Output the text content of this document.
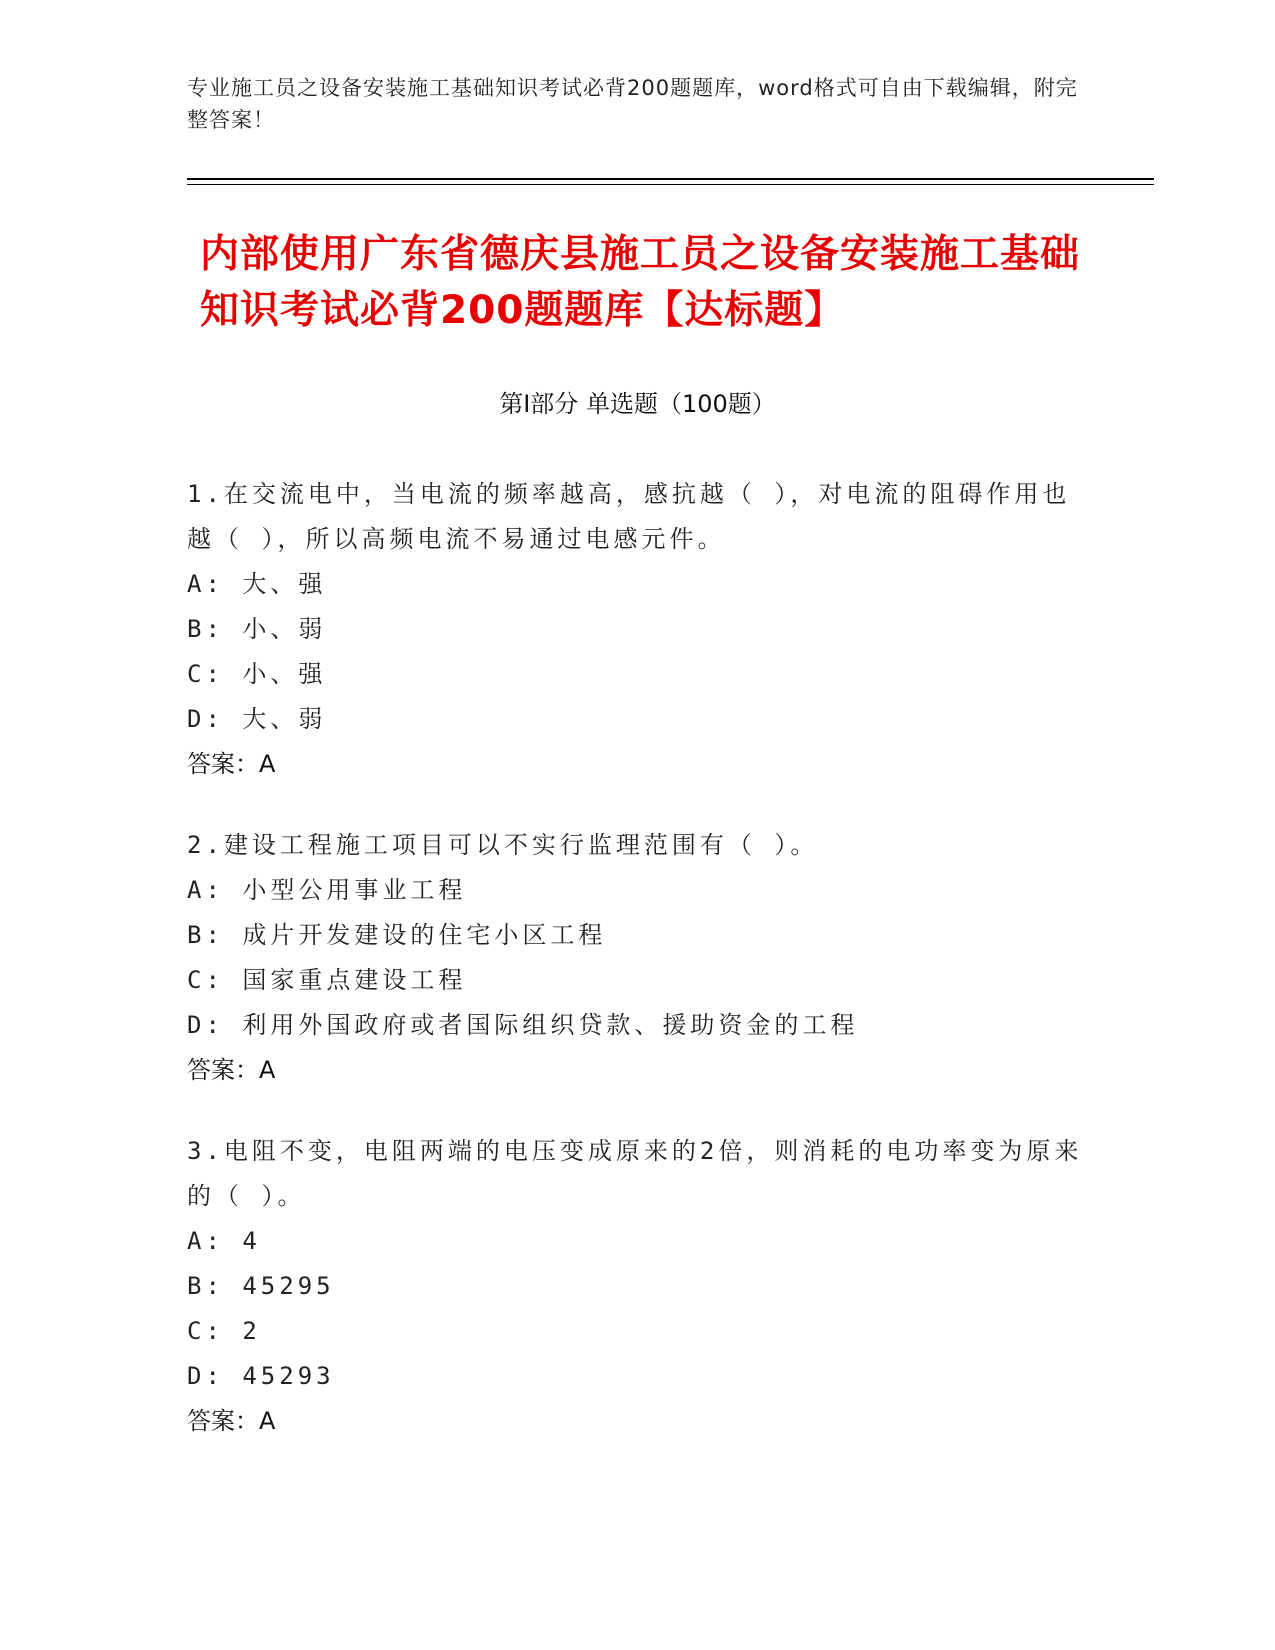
专业施工员之设备安装施工基础知识考试必背200题题库，word格式可自由下载编辑，附完整答案！
内部使用广东省德庆县施工员之设备安装施工基础知识考试必背200题题库【达标题】
第Ⅰ部分 单选题（100题）
1.在交流电中，当电流的频率越高，感抗越（ ），对电流的阻碍作用也越（ ），所以高频电流不易通过电感元件。
A: 大、强
B: 小、弱
C: 小、强
D: 大、弱
答案：A
2.建设工程施工项目可以不实行监理范围有（ ）。
A: 小型公用事业工程
B: 成片开发建设的住宅小区工程
C: 国家重点建设工程
D: 利用外国政府或者国际组织贷款、援助资金的工程
答案：A
3.电阻不变，电阻两端的电压变成原来的2倍，则消耗的电功率变为原来的（ ）。
A: 4
B: 45295
C: 2
D: 45293
答案：A
